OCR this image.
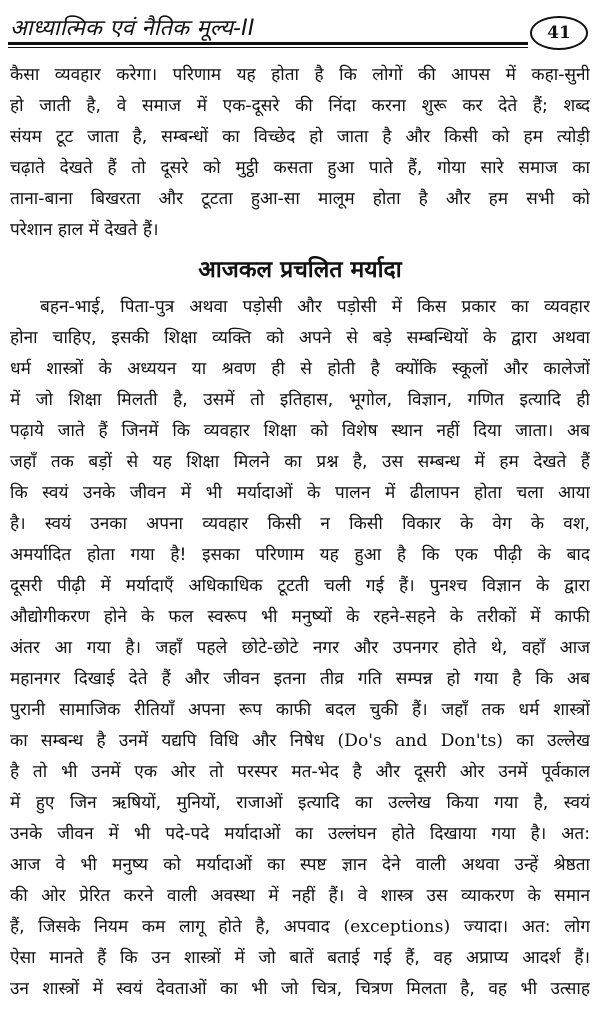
आध्यात्मिक एवं नैतिक मूल्य-II	41
कैसा व्यवहार करेगा। परिणाम यह होता है कि लोगों की आपस में कहा-सुनी
हो जाती है, वे समाज में एक-दूसरे की निंदा करना शुरू कर देते हैं; शब्द
संयम टूट जाता है, सम्बन्धों का विच्छेद हो जाता है और किसी को हम त्योड़ी
चढ़ाते देखते हैं तो दूसरे को मुट्ठी कसता हुआ पाते हैं, गोया सारे समाज का
ताना-बाना बिखरता और टूटता हुआ-सा मालूम होता है और हम सभी को
परेशान हाल में देखते हैं।
आजकल प्रचलित मर्यादा
बहन-भाई, पिता-पुत्र अथवा पड़ोसी और पड़ोसी में किस प्रकार का व्यवहार
होना चाहिए, इसकी शिक्षा व्यक्ति को अपने से बड़े सम्बन्धियों के द्वारा अथवा
धर्म शास्त्रों के अध्ययन या श्रवण ही से होती है क्योंकि स्कूलों और कालेजों
में जो शिक्षा मिलती है, उसमें तो इतिहास, भूगोल, विज्ञान, गणित इत्यादि ही
पढ़ाये जाते हैं जिनमें कि व्यवहार शिक्षा को विशेष स्थान नहीं दिया जाता। अब
जहाँ तक बड़ों से यह शिक्षा मिलने का प्रश्न है, उस सम्बन्ध में हम देखते हैं
कि स्वयं उनके जीवन में भी मर्यादाओं के पालन में ढीलापन होता चला आया
है। स्वयं उनका अपना व्यवहार किसी न किसी विकार के वेग के वश,
अमर्यादित होता गया है! इसका परिणाम यह हुआ है कि एक पीढ़ी के बाद
दूसरी पीढ़ी में मर्यादाएँ अधिकाधिक टूटती चली गई हैं। पुनश्च विज्ञान के द्वारा
औद्योगीकरण होने के फल स्वरूप भी मनुष्यों के रहने-सहने के तरीकों में काफी
अंतर आ गया है। जहाँ पहले छोटे-छोटे नगर और उपनगर होते थे, वहाँ आज
महानगर दिखाई देते हैं और जीवन इतना तीव्र गति सम्पन्न हो गया है कि अब
पुरानी सामाजिक रीतियाँ अपना रूप काफी बदल चुकी हैं। जहाँ तक धर्म शास्त्रों
का सम्बन्ध है उनमें यद्यपि विधि और निषेध (Do's and Don'ts) का उल्लेख
है तो भी उनमें एक ओर तो परस्पर मत-भेद है और दूसरी ओर उनमें पूर्वकाल
में हुए जिन ऋषियों, मुनियों, राजाओं इत्यादि का उल्लेख किया गया है, स्वयं
उनके जीवन में भी पदे-पदे मर्यादाओं का उल्लंघन होते दिखाया गया है। अत:
आज वे भी मनुष्य को मर्यादाओं का स्पष्ट ज्ञान देने वाली अथवा उन्हें श्रेष्ठता
की ओर प्रेरित करने वाली अवस्था में नहीं हैं। वे शास्त्र उस व्याकरण के समान
हैं, जिसके नियम कम लागू होते है, अपवाद (exceptions) ज्यादा। अत: लोग
ऐसा मानते हैं कि उन शास्त्रों में जो बातें बताई गई हैं, वह अप्राप्य आदर्श हैं।
उन शास्त्रों में स्वयं देवताओं का भी जो चित्र, चित्रण मिलता है, वह भी उत्साह
